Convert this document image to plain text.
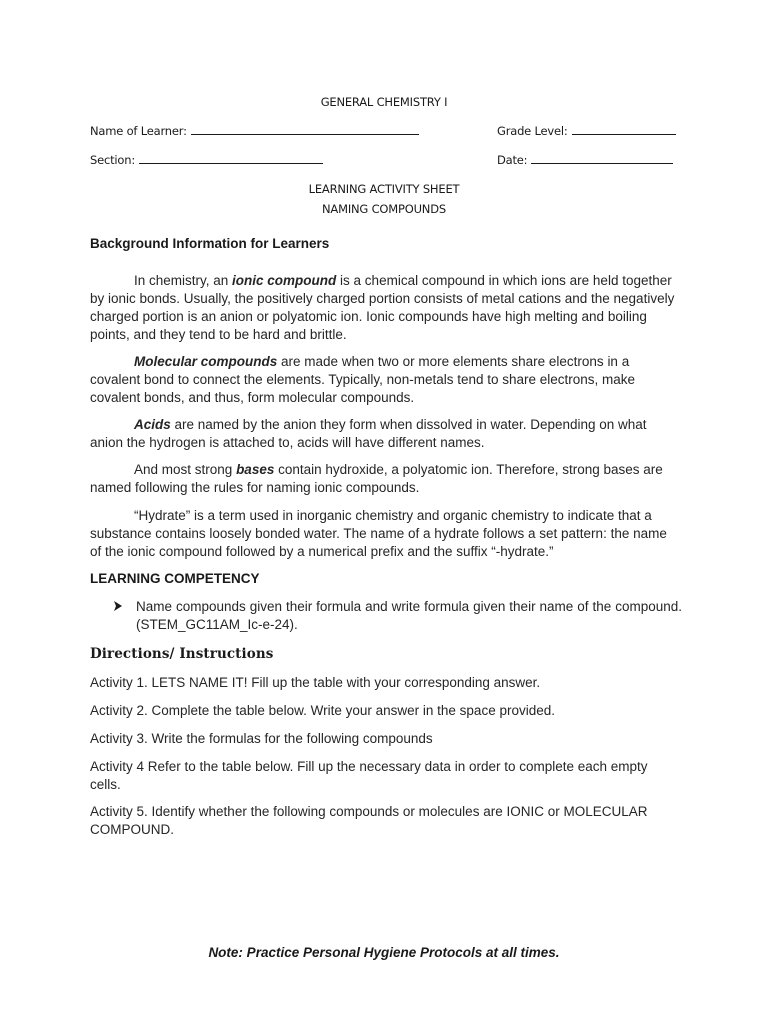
GENERAL CHEMISTRY I
Name of Learner:	Grade Level:
Section:	Date:
LEARNING ACTIVITY SHEET
NAMING COMPOUNDS
Background Information for Learners
In chemistry, an ionic compound is a chemical compound in which ions are held together by ionic bonds. Usually, the positively charged portion consists of metal cations and the negatively charged portion is an anion or polyatomic ion. Ionic compounds have high melting and boiling points, and they tend to be hard and brittle.
Molecular compounds are made when two or more elements share electrons in a covalent bond to connect the elements. Typically, non-metals tend to share electrons, make covalent bonds, and thus, form molecular compounds.
Acids are named by the anion they form when dissolved in water. Depending on what anion the hydrogen is attached to, acids will have different names.
And most strong bases contain hydroxide, a polyatomic ion. Therefore, strong bases are named following the rules for naming ionic compounds.
“Hydrate” is a term used in inorganic chemistry and organic chemistry to indicate that a substance contains loosely bonded water. The name of a hydrate follows a set pattern: the name of the ionic compound followed by a numerical prefix and the suffix “-hydrate.”
LEARNING COMPETENCY
Name compounds given their formula and write formula given their name of the compound. (STEM_GC11AM_Ic-e-24).
Directions/ Instructions
Activity 1. LETS NAME IT! Fill up the table with your corresponding answer.
Activity 2. Complete the table below. Write your answer in the space provided.
Activity 3. Write the formulas for the following compounds
Activity 4 Refer to the table below. Fill up the necessary data in order to complete each empty cells.
Activity 5. Identify whether the following compounds or molecules are IONIC or MOLECULAR COMPOUND.
Note: Practice Personal Hygiene Protocols at all times.
